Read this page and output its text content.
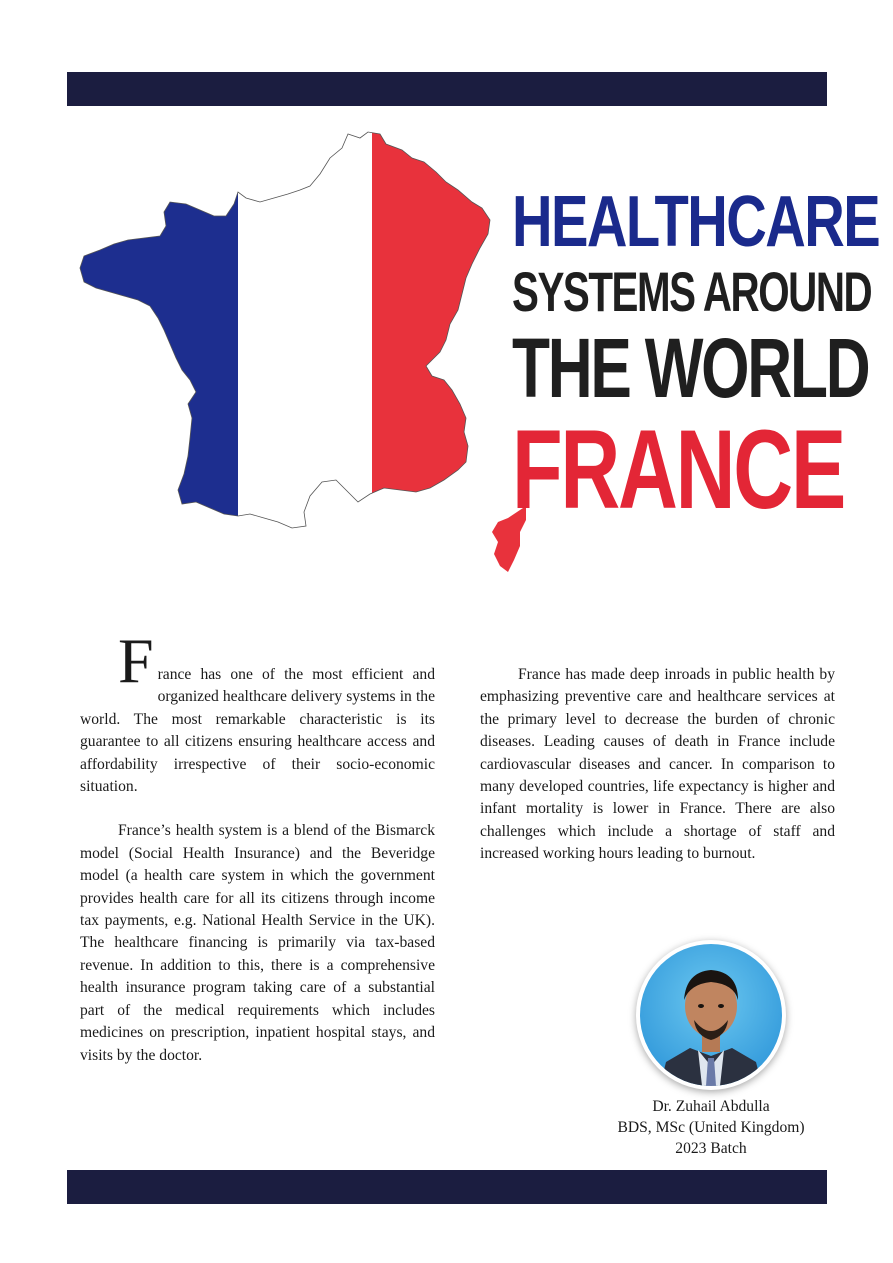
HEALTHCARE
SYSTEMS AROUND
THE WORLD
FRANCE

France has one of the most efficient and organized healthcare delivery systems in the world. The most remarkable characteristic is its guarantee to all citizens ensuring healthcare access and affordability irrespective of their socio-economic situation.

France’s health system is a blend of the Bismarck model (Social Health Insurance) and the Beveridge model (a health care system in which the government provides health care for all its citizens through income tax payments, e.g. National Health Service in the UK). The healthcare financing is primarily via tax-based revenue. In addition to this, there is a comprehensive health insurance program taking care of a substantial part of the medical requirements which includes medicines on prescription, inpatient hospital stays, and visits by the doctor.

France has made deep inroads in public health by emphasizing preventive care and healthcare services at the primary level to decrease the burden of chronic diseases. Leading causes of death in France include cardiovascular diseases and cancer. In comparison to many developed countries, life expectancy is higher and infant mortality is lower in France. There are also challenges which include a shortage of staff and increased working hours leading to burnout.

Dr. Zuhail Abdulla
BDS, MSc (United Kingdom)
2023 Batch
